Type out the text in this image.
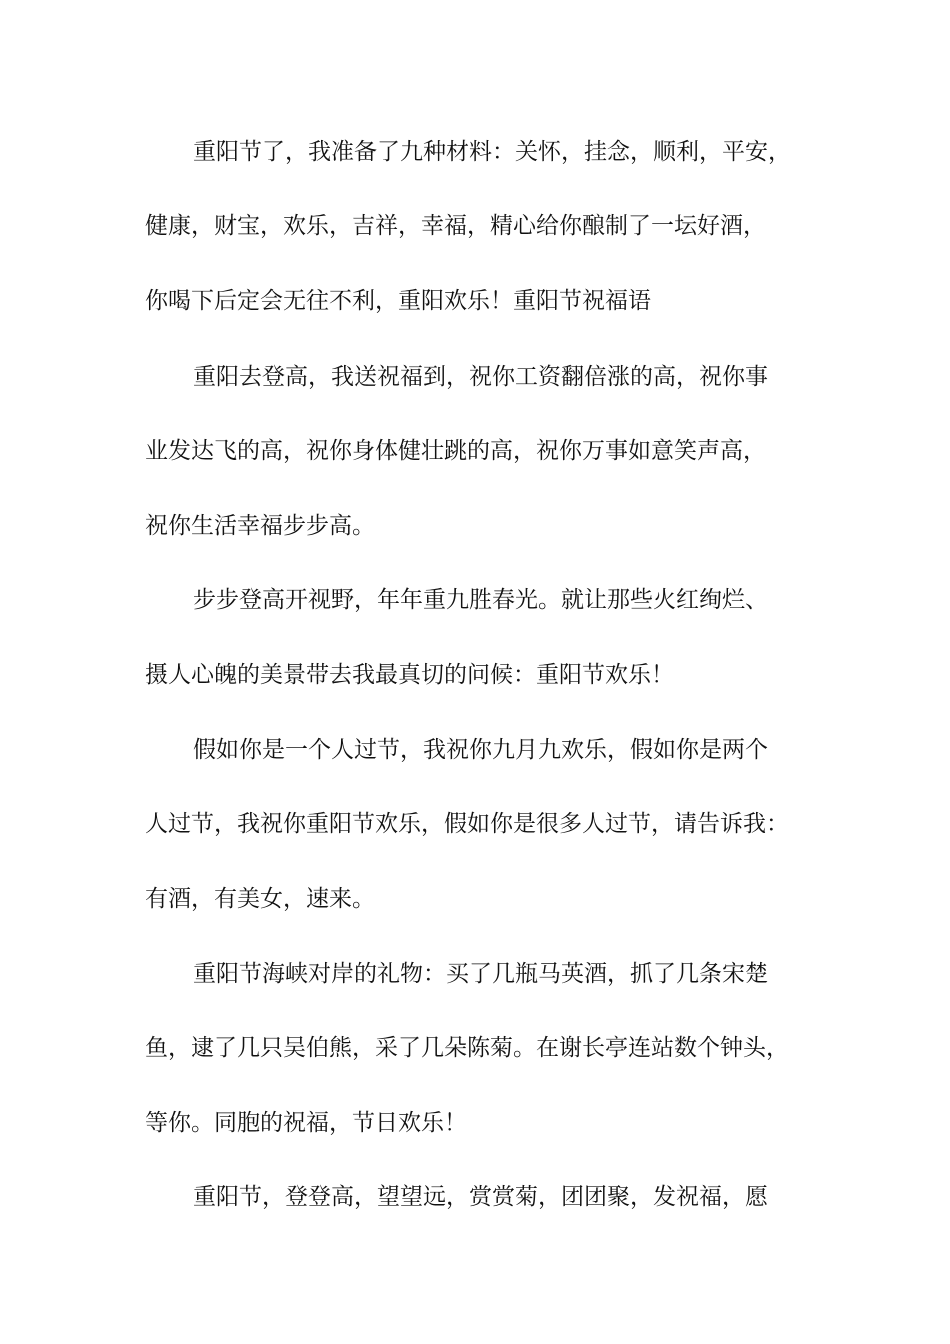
重阳节了，我准备了九种材料：关怀，挂念，顺利，平安，

健康，财宝，欢乐，吉祥，幸福，精心给你酿制了一坛好酒，

你喝下后定会无往不利，重阳欢乐！重阳节祝福语

重阳去登高，我送祝福到，祝你工资翻倍涨的高，祝你事

业发达飞的高，祝你身体健壮跳的高，祝你万事如意笑声高，

祝你生活幸福步步高。

步步登高开视野，年年重九胜春光。就让那些火红绚烂、

摄人心魄的美景带去我最真切的问候：重阳节欢乐！

假如你是一个人过节，我祝你九月九欢乐，假如你是两个

人过节，我祝你重阳节欢乐，假如你是很多人过节，请告诉我：

有酒，有美女，速来。

重阳节海峡对岸的礼物：买了几瓶马英酒，抓了几条宋楚

鱼，逮了几只吴伯熊，采了几朵陈菊。在谢长亭连站数个钟头，

等你。同胞的祝福，节日欢乐！

重阳节，登登高，望望远，赏赏菊，团团聚，发祝福，愿
